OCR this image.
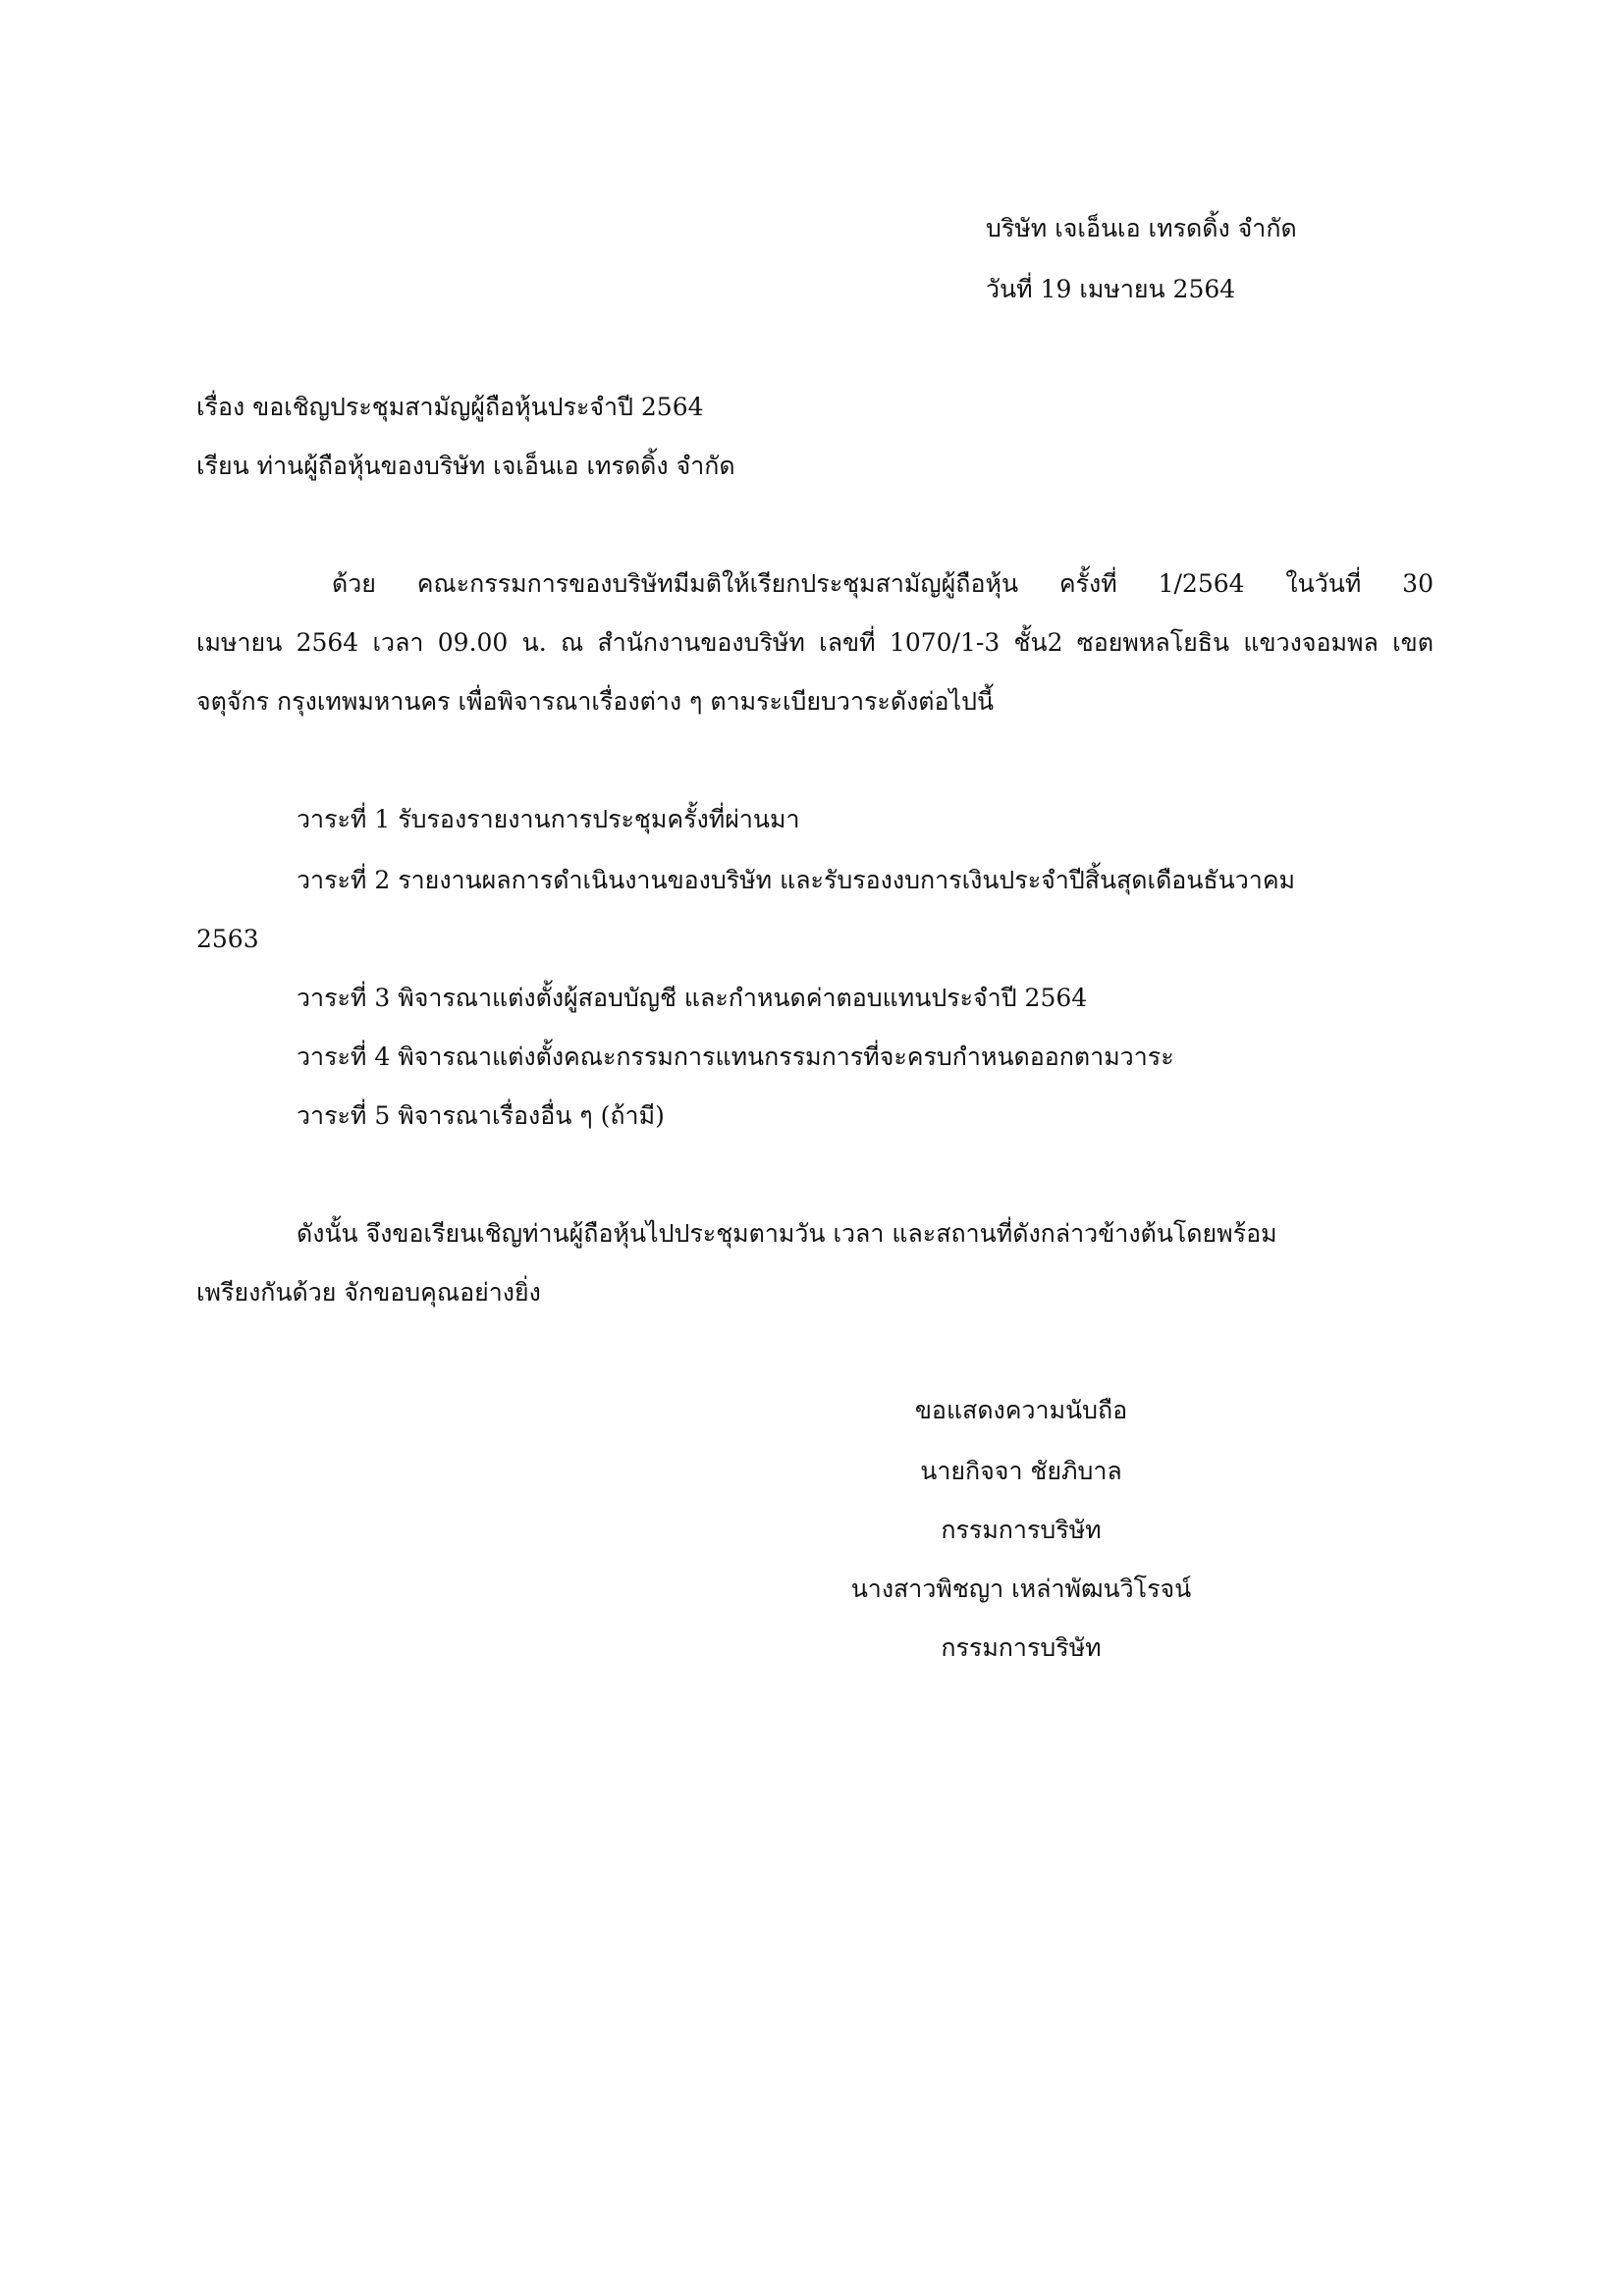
บริษัท เจเอ็นเอ เทรดดิ้ง จำกัด
วันที่ 19 เมษายน 2564
เรื่อง ขอเชิญประชุมสามัญผู้ถือหุ้นประจำปี 2564
เรียน ท่านผู้ถือหุ้นของบริษัท เจเอ็นเอ เทรดดิ้ง จำกัด
ด้วย คณะกรรมการของบริษัทมีมติให้เรียกประชุมสามัญผู้ถือหุ้น ครั้งที่ 1/2564 ในวันที่ 30
เมษายน 2564 เวลา 09.00 น. ณ สำนักงานของบริษัท เลขที่ 1070/1-3 ชั้น2 ซอยพหลโยธิน แขวงจอมพล เขต
จตุจักร กรุงเทพมหานคร เพื่อพิจารณาเรื่องต่าง ๆ ตามระเบียบวาระดังต่อไปนี้
วาระที่ 1 รับรองรายงานการประชุมครั้งที่ผ่านมา
วาระที่ 2 รายงานผลการดำเนินงานของบริษัท และรับรองงบการเงินประจำปีสิ้นสุดเดือนธันวาคม
2563
วาระที่ 3 พิจารณาแต่งตั้งผู้สอบบัญชี และกำหนดค่าตอบแทนประจำปี 2564
วาระที่ 4 พิจารณาแต่งตั้งคณะกรรมการแทนกรรมการที่จะครบกำหนดออกตามวาระ
วาระที่ 5 พิจารณาเรื่องอื่น ๆ (ถ้ามี)
ดังนั้น จึงขอเรียนเชิญท่านผู้ถือหุ้นไปประชุมตามวัน เวลา และสถานที่ดังกล่าวข้างต้นโดยพร้อม
เพรียงกันด้วย จักขอบคุณอย่างยิ่ง
ขอแสดงความนับถือ
นายกิจจา ชัยภิบาล
กรรมการบริษัท
นางสาวพิชญา เหล่าพัฒนวิโรจน์
กรรมการบริษัท
